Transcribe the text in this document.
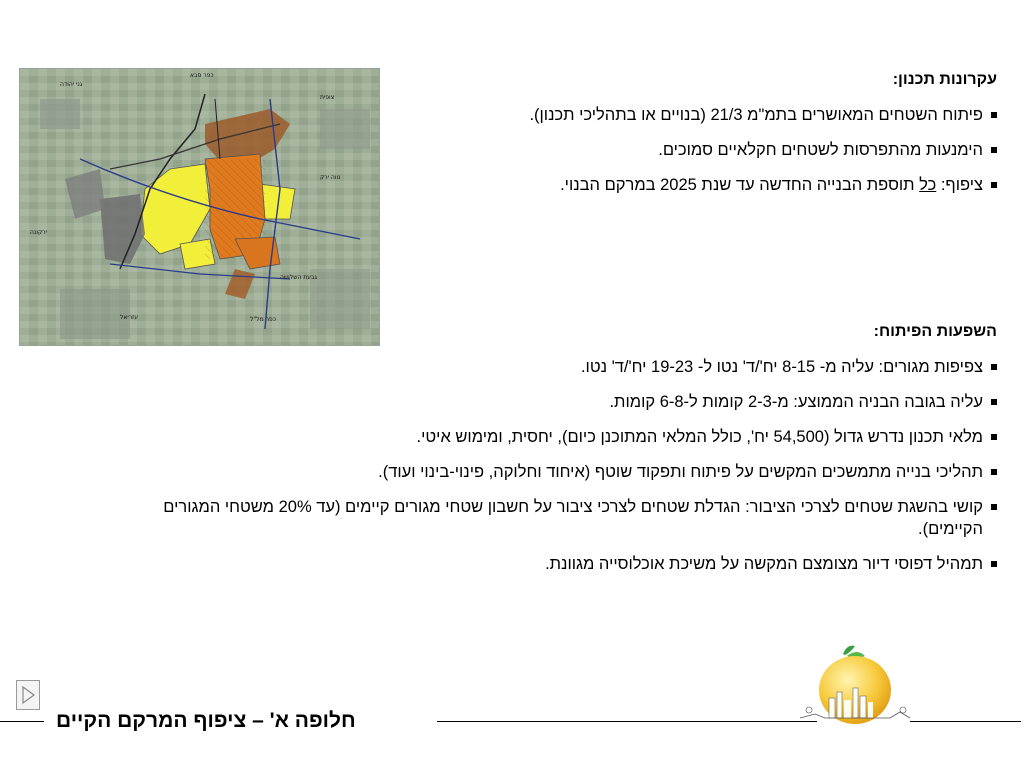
גני יהודה
כפר סבא
צופית
נווה ירק
ירקונה
גבעת השלושה
כפר מל"ל
עזריאל
עקרונות תכנון:
פיתוח השטחים המאושרים בתמ"מ 21/3 (בנויים או בתהליכי תכנון).
הימנעות מהתפרסות לשטחים חקלאיים סמוכים.
ציפוף: כל תוספת הבנייה החדשה עד שנת 2025 במרקם הבנוי.
השפעות הפיתוח:
צפיפות מגורים: עליה מ- 8-15 יח'/ד' נטו ל- 19-23 יח'/ד' נטו.
עליה בגובה הבניה הממוצע: מ-2-3 קומות ל-6-8 קומות.
מלאי תכנון נדרש גדול (54,500 יח', כולל המלאי המתוכנן כיום), יחסית, ומימוש איטי.
תהליכי בנייה מתמשכים המקשים על פיתוח ותפקוד שוטף (איחוד וחלוקה, פינוי-בינוי ועוד).
קושי בהשגת שטחים לצרכי הציבור: הגדלת שטחים לצרכי ציבור על חשבון שטחי מגורים קיימים (עד 20% משטחי המגורים הקיימים).
תמהיל דפוסי דיור מצומצם המקשה על משיכת אוכלוסייה מגוונת.
חלופה א' – ציפוף המרקם הקיים
